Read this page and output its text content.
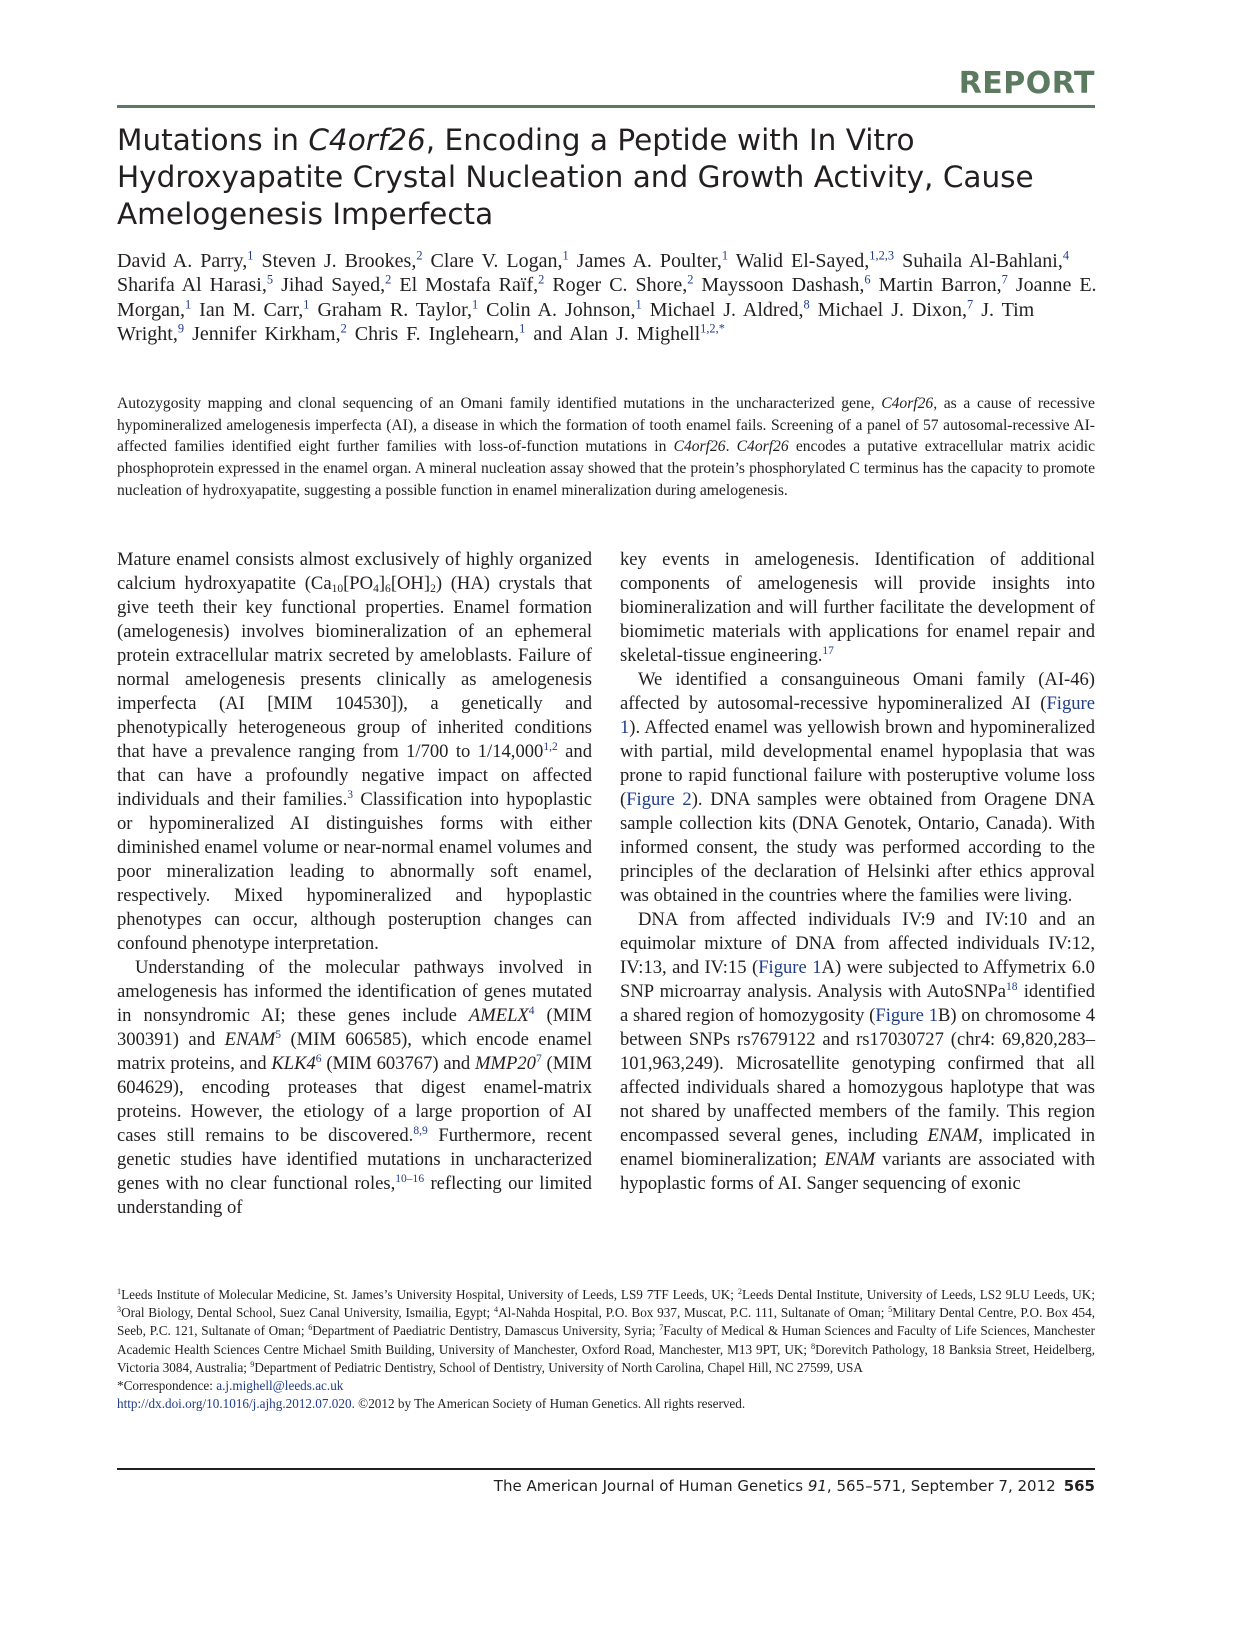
REPORT
Mutations in C4orf26, Encoding a Peptide with In Vitro Hydroxyapatite Crystal Nucleation and Growth Activity, Cause Amelogenesis Imperfecta
David A. Parry,$^1$ Steven J. Brookes,$^2$ Clare V. Logan,$^1$ James A. Poulter,$^1$ Walid El-Sayed,$^{1,2,3}$ Suhaila Al-Bahlani,$^4$ Sharifa Al Harasi,$^5$ Jihad Sayed,$^2$ El Mostafa Raïf,$^2$ Roger C. Shore,$^2$ Mayssoon Dashash,$^6$ Martin Barron,$^7$ Joanne E. Morgan,$^1$ Ian M. Carr,$^1$ Graham R. Taylor,$^1$ Colin A. Johnson,$^1$ Michael J. Aldred,$^8$ Michael J. Dixon,$^7$ J. Tim Wright,$^9$ Jennifer Kirkham,$^2$ Chris F. Inglehearn,$^1$ and Alan J. Mighell$^{1,2,*}$
Autozygosity mapping and clonal sequencing of an Omani family identified mutations in the uncharacterized gene, C4orf26, as a cause of recessive hypomineralized amelogenesis imperfecta (AI), a disease in which the formation of tooth enamel fails. Screening of a panel of 57 autosomal-recessive AI-affected families identified eight further families with loss-of-function mutations in C4orf26. C4orf26 encodes a putative extracellular matrix acidic phosphoprotein expressed in the enamel organ. A mineral nucleation assay showed that the protein’s phosphorylated C terminus has the capacity to promote nucleation of hydroxyapatite, suggesting a possible function in enamel mineralization during amelogenesis.

Mature enamel consists almost exclusively of highly organized calcium hydroxyapatite $(Ca_{10}[PO_4]_6[OH]_2)$ (HA) crystals that give teeth their key functional properties. Enamel formation (amelogenesis) involves biomineralization of an ephemeral protein extracellular matrix secreted by ameloblasts. Failure of normal amelogenesis presents clinically as amelogenesis imperfecta (AI [MIM 104530]), a genetically and phenotypically heterogeneous group of inherited conditions that have a prevalence ranging from 1/700 to 1/14,000$^{1,2}$ and that can have a profoundly negative impact on affected individuals and their families.$^3$ Classification into hypoplastic or hypomineralized AI distinguishes forms with either diminished enamel volume or near-normal enamel volumes and poor mineralization leading to abnormally soft enamel, respectively. Mixed hypomineralized and hypoplastic phenotypes can occur, although posteruption changes can confound phenotype interpretation.

Understanding of the molecular pathways involved in amelogenesis has informed the identification of genes mutated in nonsyndromic AI; these genes include AMELX$^4$ (MIM 300391) and ENAM$^5$ (MIM 606585), which encode enamel matrix proteins, and $KLK4^6$ (MIM 603767) and $MMP20^7$ (MIM 604629), encoding proteases that digest enamel-matrix proteins. However, the etiology of a large proportion of AI cases still remains to be discovered.$^{8,9}$ Furthermore, recent genetic studies have identified mutations in uncharacterized genes with no clear functional roles,$^{10-16}$ reflecting our limited understanding of

key events in amelogenesis. Identification of additional components of amelogenesis will provide insights into biomineralization and will further facilitate the development of biomimetic materials with applications for enamel repair and skeletal-tissue engineering.$^{17}$

We identified a consanguineous Omani family (AI-46) affected by autosomal-recessive hypomineralized AI (Figure 1). Affected enamel was yellowish brown and hypomineralized with partial, mild developmental enamel hypoplasia that was prone to rapid functional failure with posteruptive volume loss (Figure 2). DNA samples were obtained from Oragene DNA sample collection kits (DNA Genotek, Ontario, Canada). With informed consent, the study was performed according to the principles of the declaration of Helsinki after ethics approval was obtained in the countries where the families were living.

DNA from affected individuals IV:9 and IV:10 and an equimolar mixture of DNA from affected individuals IV:12, IV:13, and IV:15 (Figure 1A) were subjected to Affymetrix 6.0 SNP microarray analysis. Analysis with AutoSNPa$^{18}$ identified a shared region of homozygosity (Figure 1B) on chromosome 4 between SNPs rs7679122 and rs17030727 (chr4: 69,820,283–101,963,249). Microsatellite genotyping confirmed that all affected individuals shared a homozygous haplotype that was not shared by unaffected members of the family. This region encompassed several genes, including ENAM, implicated in enamel biomineralization; ENAM variants are associated with hypoplastic forms of AI. Sanger sequencing of exonic

$^1$Leeds Institute of Molecular Medicine, St. James’s University Hospital, University of Leeds, LS9 7TF Leeds, UK; $^2$Leeds Dental Institute, University of Leeds, LS2 9LU Leeds, UK; $^3$Oral Biology, Dental School, Suez Canal University, Ismailia, Egypt; $^4$Al-Nahda Hospital, P.O. Box 937, Muscat, P.C. 111, Sultanate of Oman; $^5$Military Dental Centre, P.O. Box 454, Seeb, P.C. 121, Sultanate of Oman; $^6$Department of Paediatric Dentistry, Damascus University, Syria; $^7$Faculty of Medical & Human Sciences and Faculty of Life Sciences, Manchester Academic Health Sciences Centre Michael Smith Building, University of Manchester, Oxford Road, Manchester, M13 9PT, UK; $^8$Dorevitch Pathology, 18 Banksia Street, Heidelberg, Victoria 3084, Australia; $^9$Department of Pediatric Dentistry, School of Dentistry, University of North Carolina, Chapel Hill, NC 27599, USA

*Correspondence: a.j.mighell@leeds.ac.uk

http://dx.doi.org/10.1016/j.ajhg.2012.07.020. ©2012 by The American Society of Human Genetics. All rights reserved.

The American Journal of Human Genetics 91, 565–571, September 7, 2012 565
